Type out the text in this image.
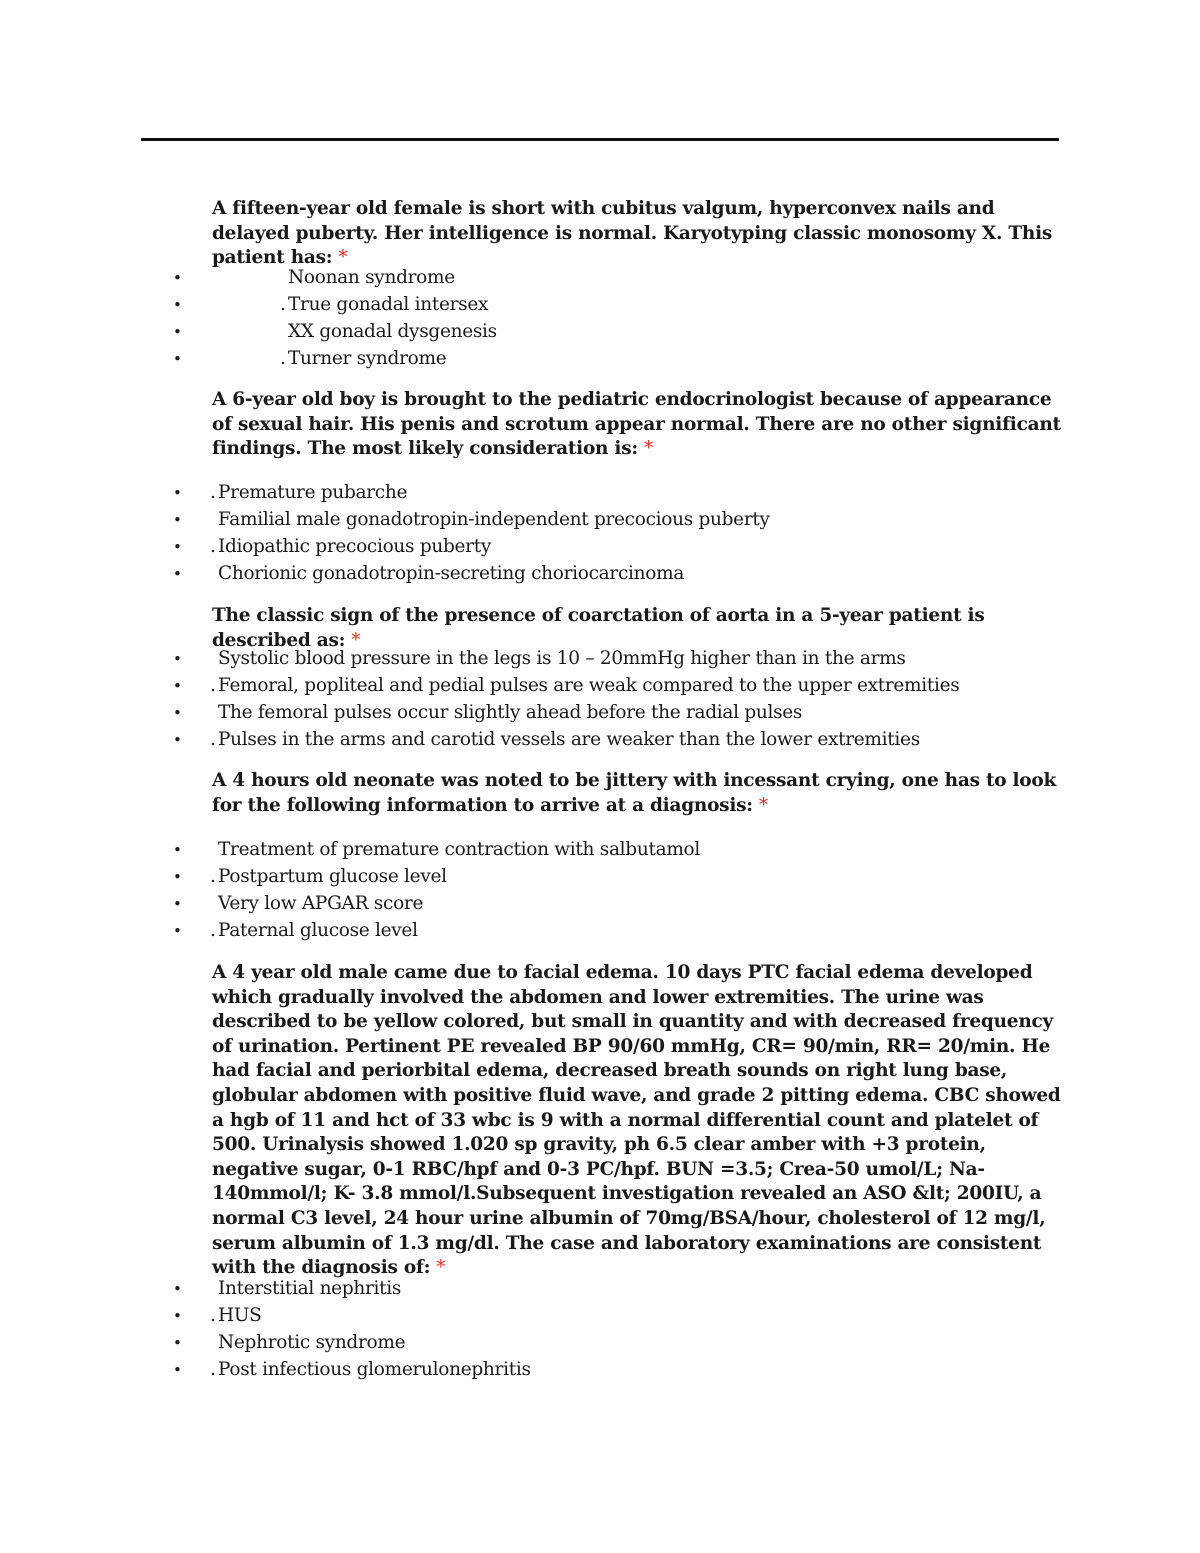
A fifteen-year old female is short with cubitus valgum, hyperconvex nails and delayed puberty. Her intelligence is normal. Karyotyping classic monosomy X. This patient has: *

•	Noonan syndrome
•	. True gonadal intersex
•	XX gonadal dysgenesis
•	. Turner syndrome

A 6-year old boy is brought to the pediatric endocrinologist because of appearance of sexual hair. His penis and scrotum appear normal. There are no other significant findings. The most likely consideration is: *

• . Premature pubarche
•	Familial male gonadotropin-independent precocious puberty
• . Idiopathic precocious puberty
•	Chorionic gonadotropin-secreting choriocarcinoma

The classic sign of the presence of coarctation of aorta in a 5-year patient is described as: *

•	Systolic blood pressure in the legs is 10 – 20mmHg higher than in the arms
• . Femoral, popliteal and pedial pulses are weak compared to the upper extremities
•	The femoral pulses occur slightly ahead before the radial pulses
• . Pulses in the arms and carotid vessels are weaker than the lower extremities

A 4 hours old neonate was noted to be jittery with incessant crying, one has to look for the following information to arrive at a diagnosis: *

•	Treatment of premature contraction with salbutamol
• . Postpartum glucose level
•	Very low APGAR score
• . Paternal glucose level

A 4 year old male came due to facial edema. 10 days PTC facial edema developed which gradually involved the abdomen and lower extremities. The urine was described to be yellow colored, but small in quantity and with decreased frequency of urination. Pertinent PE revealed BP 90/60 mmHg, CR= 90/min, RR= 20/min. He had facial and periorbital edema, decreased breath sounds on right lung base, globular abdomen with positive fluid wave, and grade 2 pitting edema. CBC showed a hgb of 11 and hct of 33 wbc is 9 with a normal differential count and platelet of 500. Urinalysis showed 1.020 sp gravity, ph 6.5 clear amber with +3 protein, negative sugar, 0-1 RBC/hpf and 0-3 PC/hpf. BUN =3.5; Crea-50 umol/L; Na-140mmol/l; K- 3.8 mmol/l.Subsequent investigation revealed an ASO &lt; 200IU, a normal C3 level, 24 hour urine albumin of 70mg/BSA/hour, cholesterol of 12 mg/l, serum albumin of 1.3 mg/dl. The case and laboratory examinations are consistent with the diagnosis of: *

•	Interstitial nephritis
• . HUS
•	Nephrotic syndrome
• . Post infectious glomerulonephritis
